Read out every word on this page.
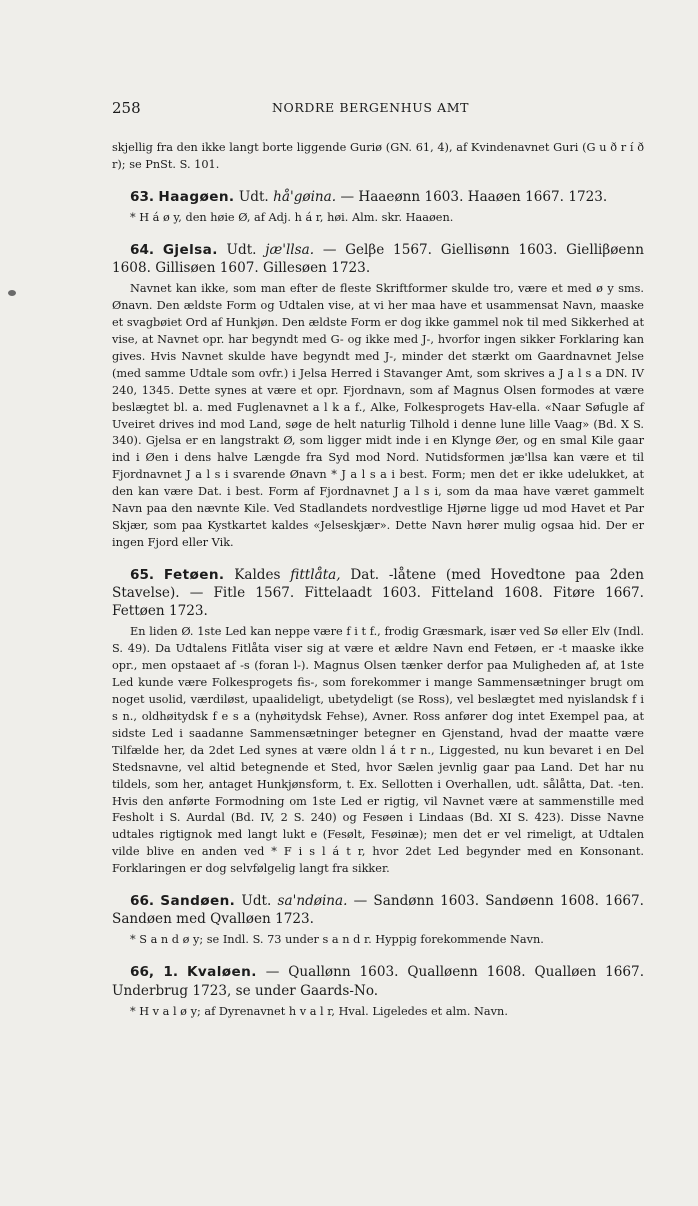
258	NORDRE BERGENHUS AMT

skjellig fra den ikke langt borte liggende Guriø (GN. 61, 4), af Kvindenavnet Guri (G u ð r í ð r); se PnSt. S. 101.

63. Haagøen. Udt. hå'gøina. — Haaeønn 1603. Haaøen 1667. 1723.

* H á ø y, den høie Ø, af Adj. h á r, høi. Alm. skr. Haaøen.

64. Gjelsa. Udt. jæ'llsa. — Gelβe 1567. Giellisønn 1603. Gielliβøenn 1608. Gillisøen 1607. Gillesøen 1723.

Navnet kan ikke, som man efter de fleste Skriftformer skulde tro, være et med ø y sms. Ønavn. Den ældste Form og Udtalen vise, at vi her maa have et usammensat Navn, maaske et svagbøiet Ord af Hunkjøn. Den ældste Form er dog ikke gammel nok til med Sikkerhed at vise, at Navnet opr. har begyndt med G- og ikke med J-, hvorfor ingen sikker Forklaring kan gives. Hvis Navnet skulde have begyndt med J-, minder det stærkt om Gaardnavnet Jelse (med samme Udtale som ovfr.) i Jelsa Herred i Stavanger Amt, som skrives a J a l s a DN. IV 240, 1345. Dette synes at være et opr. Fjordnavn, som af Magnus Olsen formodes at være beslægtet bl. a. med Fuglenavnet a l k a f., Alke, Folkesprogets Hav-ella. «Naar Søfugle af Uveiret drives ind mod Land, søge de helt naturlig Tilhold i denne lune lille Vaag» (Bd. X S. 340). Gjelsa er en langstrakt Ø, som ligger midt inde i en Klynge Øer, og en smal Kile gaar ind i Øen i dens halve Længde fra Syd mod Nord. Nutidsformen jæ'llsa kan være et til Fjordnavnet J a l s i svarende Ønavn * J a l s a i best. Form; men det er ikke udelukket, at den kan være Dat. i best. Form af Fjordnavnet J a l s i, som da maa have været gammelt Navn paa den nævnte Kile. Ved Stadlandets nordvestlige Hjørne ligge ud mod Havet et Par Skjær, som paa Kystkartet kaldes «Jelseskjær». Dette Navn hører mulig ogsaa hid. Der er ingen Fjord eller Vik.

65. Fetøen. Kaldes fittlåta, Dat. -låtene (med Hovedtone paa 2den Stavelse). — Fitle 1567. Fittelaadt 1603. Fitteland 1608. Fitøre 1667. Fettøen 1723.

En liden Ø. 1ste Led kan neppe være f i t f., frodig Græsmark, især ved Sø eller Elv (Indl. S. 49). Da Udtalens Fitlåta viser sig at være et ældre Navn end Fetøen, er -t maaske ikke opr., men opstaaet af -s (foran l-). Magnus Olsen tænker derfor paa Muligheden af, at 1ste Led kunde være Folkesprogets fis-, som forekommer i mange Sammensætninger brugt om noget usolid, værdiløst, upaalideligt, ubetydeligt (se Ross), vel beslægtet med nyislandsk f i s n., oldhøitydsk f e s a (nyhøitydsk Fehse), Avner. Ross anfører dog intet Exempel paa, at sidste Led i saadanne Sammensætninger betegner en Gjenstand, hvad der maatte være Tilfælde her, da 2det Led synes at være oldn l á t r n., Liggested, nu kun bevaret i en Del Stedsnavne, vel altid betegnende et Sted, hvor Sælen jevnlig gaar paa Land. Det har nu tildels, som her, antaget Hunkjønsform, t. Ex. Sellotten i Overhallen, udt. sålåtta, Dat. -ten. Hvis den anførte Formodning om 1ste Led er rigtig, vil Navnet være at sammenstille med Fesholt i S. Aurdal (Bd. IV, 2 S. 240) og Fesøen i Lindaas (Bd. XI S. 423). Disse Navne udtales rigtignok med langt lukt e (Fesølt, Fesøinæ); men det er vel rimeligt, at Udtalen vilde blive en anden ved * F i s l á t r, hvor 2det Led begynder med en Konsonant. Forklaringen er dog selvfølgelig langt fra sikker.

66. Sandøen. Udt. sa'ndøina. — Sandønn 1603. Sandøenn 1608. 1667. Sandøen med Qvalløen 1723.

* S a n d ø y; se Indl. S. 73 under s a n d r. Hyppig forekommende Navn.

66, 1. Kvaløen. — Quallønn 1603. Qualløenn 1608. Qualløen 1667. Underbrug 1723, se under Gaards-No.

* H v a l ø y; af Dyrenavnet h v a l r, Hval. Ligeledes et alm. Navn.
